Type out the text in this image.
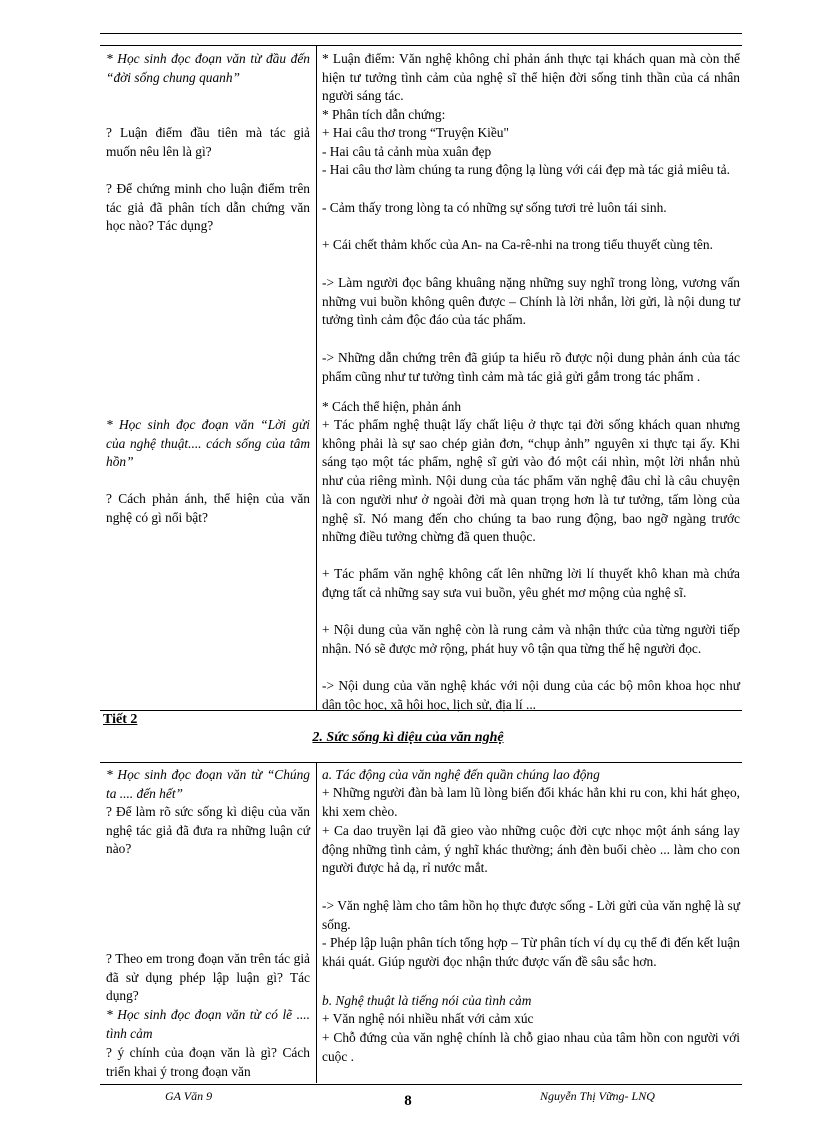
* Học sinh đọc đoạn văn từ đầu đến “đời sống chung quanh”
? Luận điểm đầu tiên mà tác giả muốn nêu lên là gì?
? Để chứng minh cho luận điểm trên tác giả đã phân tích dẫn chứng văn học nào? Tác dụng?
* Học sinh đọc đoạn văn “Lời gửi của nghệ thuật.... cách sống của tâm hồn”
? Cách phản ánh, thể hiện của văn nghệ có gì nổi bật?
* Luận điểm: Văn nghệ không chỉ phản ánh thực tại khách quan mà còn thể hiện tư tưởng tình cảm của nghệ sĩ thể hiện đời sống tinh thần của cá nhân người sáng tác.
* Phân tích dẫn chứng:
+ Hai câu thơ trong “Truyện Kiều"
- Hai câu tả cảnh mùa xuân đẹp
- Hai câu thơ làm chúng ta rung động lạ lùng với cái đẹp mà tác giả miêu tả.
- Cảm thấy trong lòng ta có những sự sống tươi trẻ luôn tái sinh.
+ Cái chết thảm khốc của An- na Ca-rê-nhi na trong tiểu thuyết cùng tên.
-> Làm người đọc bâng khuâng nặng những suy nghĩ trong lòng, vương vấn những vui buồn không quên được – Chính là lời nhắn, lời gửi, là nội dung tư tưởng tình cảm độc đáo của tác phẩm.
-> Những dẫn chứng trên đã giúp ta hiểu rõ được nội dung phản ánh của tác phẩm cũng như tư tưởng tình cảm mà tác giả gửi gắm trong tác phẩm .
* Cách thể hiện, phản ánh
+ Tác phẩm nghệ thuật lấy chất liệu ở thực tại đời sống khách quan nhưng không phải là sự sao chép giản đơn, “chụp ảnh” nguyên xi thực tại ấy. Khi sáng tạo một tác phẩm, nghệ sĩ gửi vào đó một cái nhìn, một lời nhắn nhủ như của riêng mình. Nội dung của tác phẩm văn nghệ đâu chỉ là câu chuyện là con người như ở ngoài đời mà quan trọng hơn là tư tưởng, tấm lòng của nghệ sĩ. Nó mang đến cho chúng ta bao rung động, bao ngỡ ngàng trước những điều tưởng chừng đã quen thuộc.
+ Tác phẩm văn nghệ không cất lên những lời lí thuyết khô khan mà chứa đựng tất cả những say sưa vui buồn, yêu ghét mơ mộng của nghệ sĩ.
+ Nội dung của văn nghệ còn là rung cảm và nhận thức của từng người tiếp nhận. Nó sẽ được mở rộng, phát huy vô tận qua từng thế hệ người đọc.
-> Nội dung của văn nghệ khác với nội dung của các bộ môn khoa học như dân tộc học, xã hội học, lịch sử, địa lí ...
Tiết 2
2. Sức sống kì diệu của văn nghệ
* Học sinh đọc đoạn văn từ “Chúng ta .... đến hết”
? Để làm rõ sức sống kì diệu của văn nghệ tác giả đã đưa ra những luận cứ nào?
? Theo em trong đoạn văn trên tác giả đã sử dụng phép lập luận gì? Tác dụng?
* Học sinh đọc đoạn văn từ có lẽ .... tình cảm
? ý chính của đoạn văn là gì? Cách triển khai ý trong đoạn văn
a. Tác động của văn nghệ đến quần chúng lao động
+ Những người đàn bà lam lũ lòng biến đổi khác hẳn khi ru con, khi hát ghẹo, khi xem chèo.
+ Ca dao truyền lại đã gieo vào những cuộc đời cực nhọc một ánh sáng lay động những tình cảm, ý nghĩ khác thường; ánh đèn buổi chèo ... làm cho con người được hả dạ, rỉ nước mắt.
-> Văn nghệ làm cho tâm hồn họ thực được sống - Lời gửi của văn nghệ là sự sống.
- Phép lập luận phân tích tổng hợp – Từ phân tích ví dụ cụ thể đi đến kết luận khái quát. Giúp người đọc nhận thức được vấn đề sâu sắc hơn.
b. Nghệ thuật là tiếng nói của tình cảm
+ Văn nghệ nói nhiều nhất với cảm xúc
+ Chỗ đứng của văn nghệ chính là chỗ giao nhau của tâm hồn con người với cuộc .
GA Văn 9	8	Nguyễn Thị Vững- LNQ
